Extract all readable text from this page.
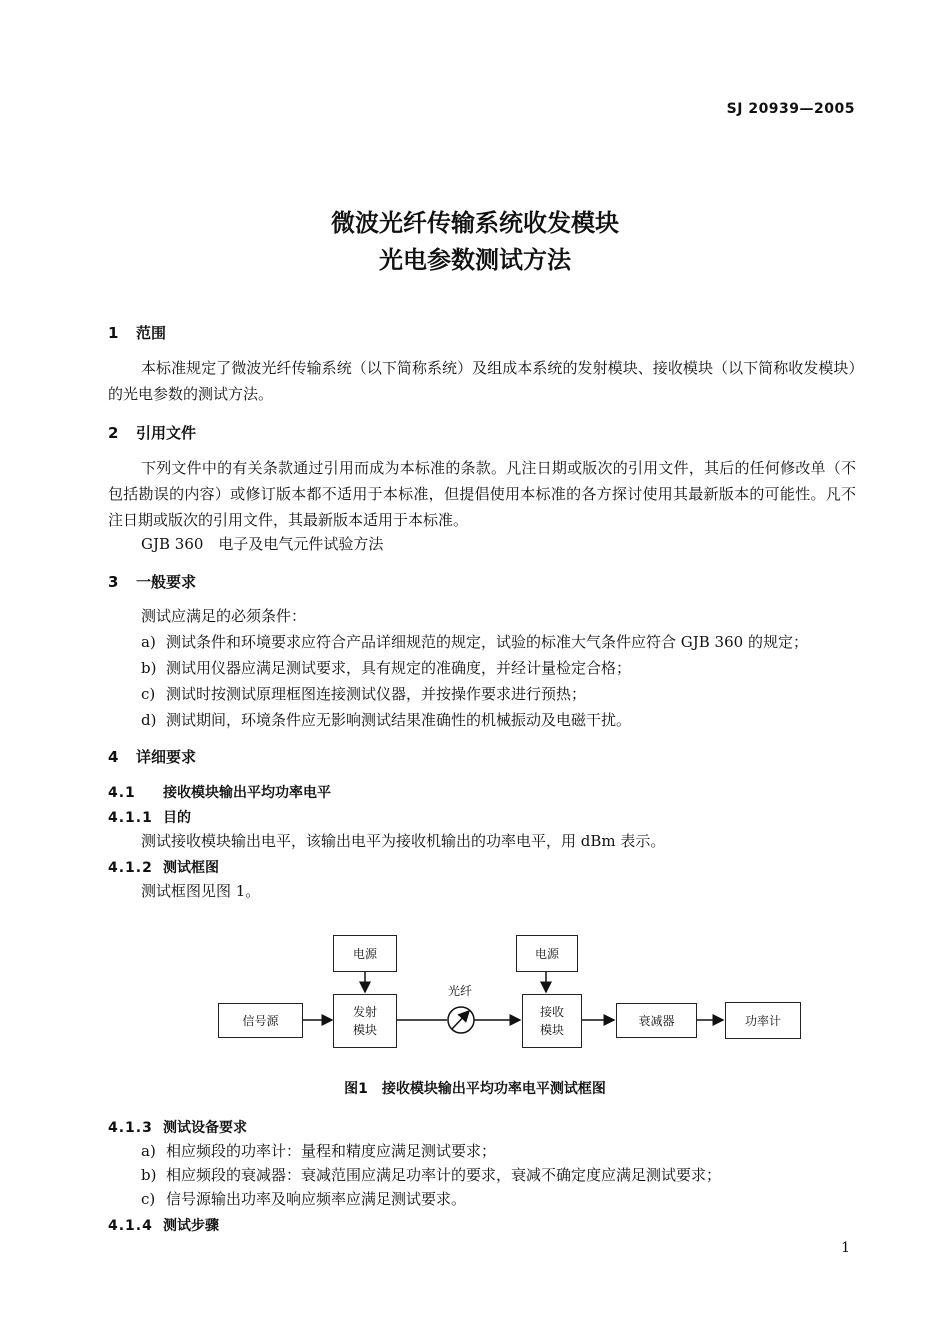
SJ 20939—2005
微波光纤传输系统收发模块
光电参数测试方法
1 范围
本标准规定了微波光纤传输系统（以下简称系统）及组成本系统的发射模块、接收模块（以下简称收发模块）的光电参数的测试方法。
2 引用文件
下列文件中的有关条款通过引用而成为本标准的条款。凡注日期或版次的引用文件，其后的任何修改单（不包括勘误的内容）或修订版本都不适用于本标准，但提倡使用本标准的各方探讨使用其最新版本的可能性。凡不注日期或版次的引用文件，其最新版本适用于本标准。
GJB 360　电子及电气元件试验方法
3 一般要求
测试应满足的必须条件：
a) 测试条件和环境要求应符合产品详细规范的规定，试验的标准大气条件应符合 GJB 360 的规定；
b) 测试用仪器应满足测试要求，具有规定的准确度，并经计量检定合格；
c) 测试时按测试原理框图连接测试仪器，并按操作要求进行预热；
d) 测试期间，环境条件应无影响测试结果准确性的机械振动及电磁干扰。
4 详细要求
4.1 接收模块输出平均功率电平
4.1.1 目的
测试接收模块输出电平，该输出电平为接收机输出的功率电平，用 dBm 表示。
4.1.2 测试框图
测试框图见图 1。
电源	电源
信号源
发射
模块
光纤
接收
模块
衰减器	功率计
图1 接收模块输出平均功率电平测试框图
4.1.3 测试设备要求
a) 相应频段的功率计：量程和精度应满足测试要求；
b) 相应频段的衰减器：衰减范围应满足功率计的要求，衰减不确定度应满足测试要求；
c) 信号源输出功率及响应频率应满足测试要求。
4.1.4 测试步骤
1
